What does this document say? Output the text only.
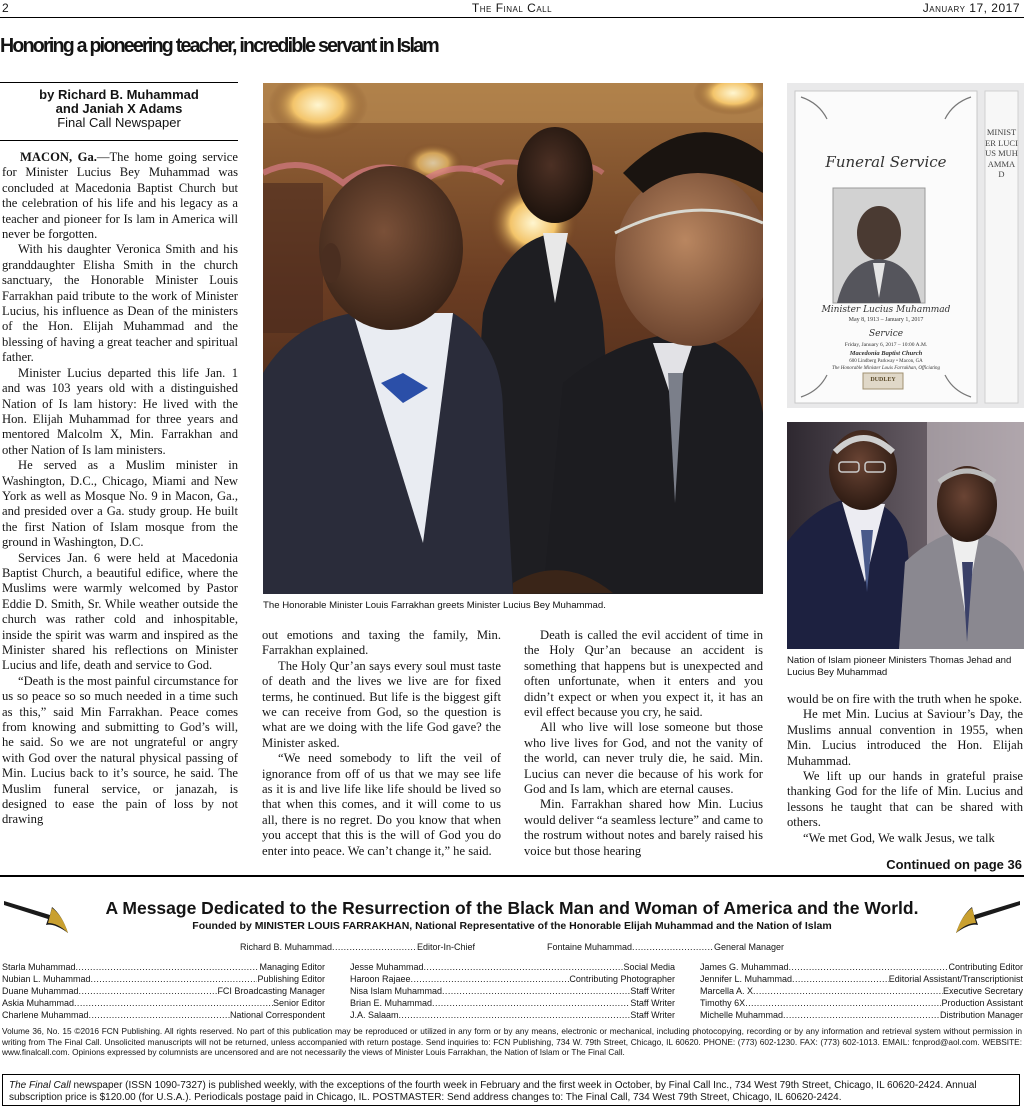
2	The Final Call	January 17, 2017
Honoring a pioneering teacher, incredible servant in Islam
by Richard B. Muhammad
and Janiah X Adams
Final Call Newspaper

MACON, Ga.—The home going service for Minister Lucius Bey Muhammad was concluded at Macedonia Baptist Church but the celebration of his life and his legacy as a teacher and pioneer for Is lam in America will never be forgotten.

With his daughter Veronica Smith and his granddaughter Elisha Smith in the church sanctuary, the Honorable Minister Louis Farrakhan paid tribute to the work of Minister Lucius, his influence as Dean of the ministers of the Hon. Elijah Muhammad and the blessing of having a great teacher and spiritual father.

Minister Lucius departed this life Jan. 1 and was 103 years old with a distinguished Nation of Is lam history: He lived with the Hon. Elijah Muhammad for three years and mentored Malcolm X, Min. Farrakhan and other Nation of Is lam ministers.

He served as a Muslim minister in Washington, D.C., Chicago, Miami and New York as well as Mosque No. 9 in Macon, Ga., and presided over a Ga. study group. He built the first Nation of Islam mosque from the ground in Washington, D.C.

Services Jan. 6 were held at Macedonia Baptist Church, a beautiful edifice, where the Muslims were warmly welcomed by Pastor Eddie D. Smith, Sr. While weather outside the church was rather cold and inhospitable, inside the spirit was warm and inspired as the Minister shared his reflections on Minister Lucius and life, death and service to God.

“Death is the most painful circumstance for us so peace so so much needed in a time such as this,” said Min Farrakhan. Peace comes from knowing and submitting to God’s will, he said. So we are not ungrateful or angry with God over the natural physical passing of Min. Lucius back to it’s source, he said. The Muslim funeral service, or janazah, is designed to ease the pain of loss by not drawing

out emotions and taxing the family, Min. Farrakhan explained.

The Holy Qur’an says every soul must taste of death and the lives we live are for fixed terms, he continued. But life is the biggest gift we can receive from God, so the question is what are we doing with the life God gave? the Minister asked.

“We need somebody to lift the veil of ignorance from off of us that we may see life as it is and live life like life should be lived so that when this comes, and it will come to us all, there is no regret. Do you know that when you accept that this is the will of God you do enter into peace. We can’t change it,” he said.

Death is called the evil accident of time in the Holy Qur’an because an accident is something that happens but is unexpected and often unfortunate, when it enters and you didn’t expect or when you expect it, it has an evil effect because you cry, he said.

All who live will lose someone but those who live lives for God, and not the vanity of the world, can never truly die, he said. Min. Lucius can never die because of his work for God and Is lam, which are eternal causes.

Min. Farrakhan shared how Min. Lucius would deliver “a seamless lecture” and came to the rostrum without notes and barely raised his voice but those hearing

would be on fire with the truth when he spoke.

He met Min. Lucius at Saviour’s Day, the Muslims annual convention in 1955, when Min. Lucius introduced the Hon. Elijah Muhammad.

We lift up our hands in grateful praise thanking God for the life of Min. Lucius and lessons he taught that can be shared with others.

“We met God, We walk Jesus, we talk

Continued on page 36
The Honorable Minister Louis Farrakhan greets Minister Lucius Bey Muhammad.
Funeral Service
Minister Lucius Muhammad
May 8, 1913 – January 1, 2017
Service
Friday, January 6, 2017 – 10:00 A.M.
Macedonia Baptist Church
600 Lindberg Parkway • Macon, GA
The Honorable Minister Louis Farrakhan, Officiating
DUDLEY
MINISTER LUCIUS MUHAMMAD
Nation of Islam pioneer Ministers Thomas Jehad and Lucius Bey Muhammad
A Message Dedicated to the Resurrection of the Black Man and Woman of America and the World.
Founded by MINISTER LOUIS FARRAKHAN, National Representative of the Honorable Elijah Muhammad and the Nation of Islam
Richard B. Muhammad .....	Editor-In-Chief	Fontaine Muhammad .....	General Manager
Starla Muhammad .....	Managing Editor
Nubian L. Muhammad .....	Publishing Editor
Duane Muhammad .....	FCI Broadcasting Manager
Askia Muhammad .....	Senior Editor
Charlene Muhammad .....	National Correspondent
Jesse Muhammad .....	Social Media
Haroon Rajaee .....	Contributing Photographer
Nisa Islam Muhammad .....	Staff Writer
Brian E. Muhammad .....	Staff Writer
J.A. Salaam .....	Staff Writer
James G. Muhammad .....	Contributing Editor
Jennifer L. Muhammad .....	Editorial Assistant/Transcriptionist
Marcella A. X .....	Executive Secretary
Timothy 6X .....	Production Assistant
Michelle Muhammad .....	Distribution Manager
Volume 36, No. 15 ©2016 FCN Publishing. All rights reserved. No part of this publication may be reproduced or utilized in any form or by any means, electronic or mechanical, including photocopying, recording or by any information and retrieval system without permission in writing from The Final Call. Unsolicited manuscripts will not be returned, unless accompanied with return postage. Send inquiries to: FCN Publishing, 734 W. 79th Street, Chicago, IL 60620. PHONE: (773) 602-1230. FAX: (773) 602-1013. EMAIL: fcnprod@aol.com. WEBSITE: www.finalcall.com. Opinions expressed by columnists are uncensored and are not necessarily the views of Minister Louis Farrakhan, the Nation of Islam or The Final Call.
The Final Call newspaper (ISSN 1090-7327) is published weekly, with the exceptions of the fourth week in February and the first week in October, by Final Call Inc., 734 West 79th Street, Chicago, IL 60620-2424. Annual subscription price is $120.00 (for U.S.A.). Periodicals postage paid in Chicago, IL. POSTMASTER: Send address changes to: The Final Call, 734 West 79th Street, Chicago, IL 60620-2424.
